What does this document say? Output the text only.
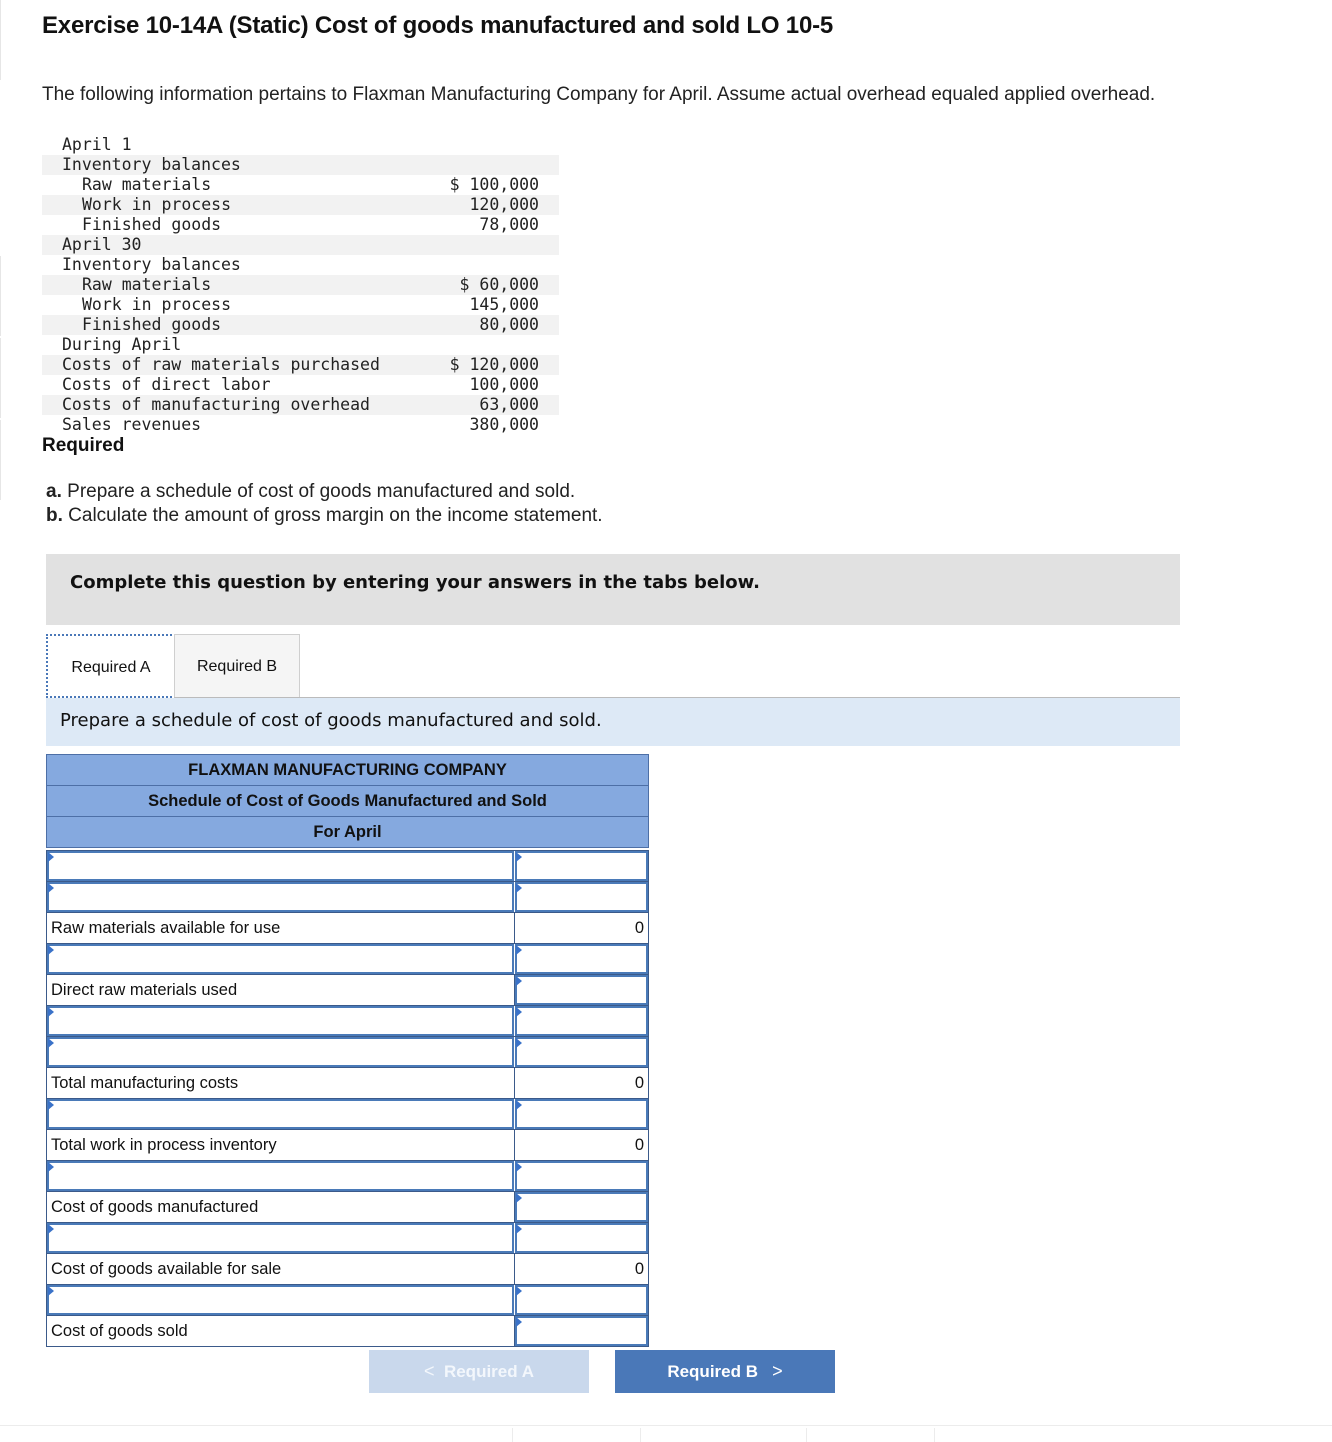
Exercise 10-14A (Static) Cost of goods manufactured and sold LO 10-5
The following information pertains to Flaxman Manufacturing Company for April. Assume actual overhead equaled applied overhead.
April 1
Inventory balances
Raw materials	$ 100,000
Work in process	120,000
Finished goods	78,000
April 30
Inventory balances
Raw materials	$ 60,000
Work in process	145,000
Finished goods	80,000
During April
Costs of raw materials purchased	$ 120,000
Costs of direct labor	100,000
Costs of manufacturing overhead	63,000
Sales revenues	380,000
Required
a. Prepare a schedule of cost of goods manufactured and sold.
b. Calculate the amount of gross margin on the income statement.
Complete this question by entering your answers in the tabs below.
Required A	Required B
Prepare a schedule of cost of goods manufactured and sold.
FLAXMAN MANUFACTURING COMPANY
Schedule of Cost of Goods Manufactured and Sold
For April
Raw materials available for use	0
Direct raw materials used
Total manufacturing costs	0
Total work in process inventory	0
Cost of goods manufactured
Cost of goods available for sale	0
Cost of goods sold
< Required A	Required B >
